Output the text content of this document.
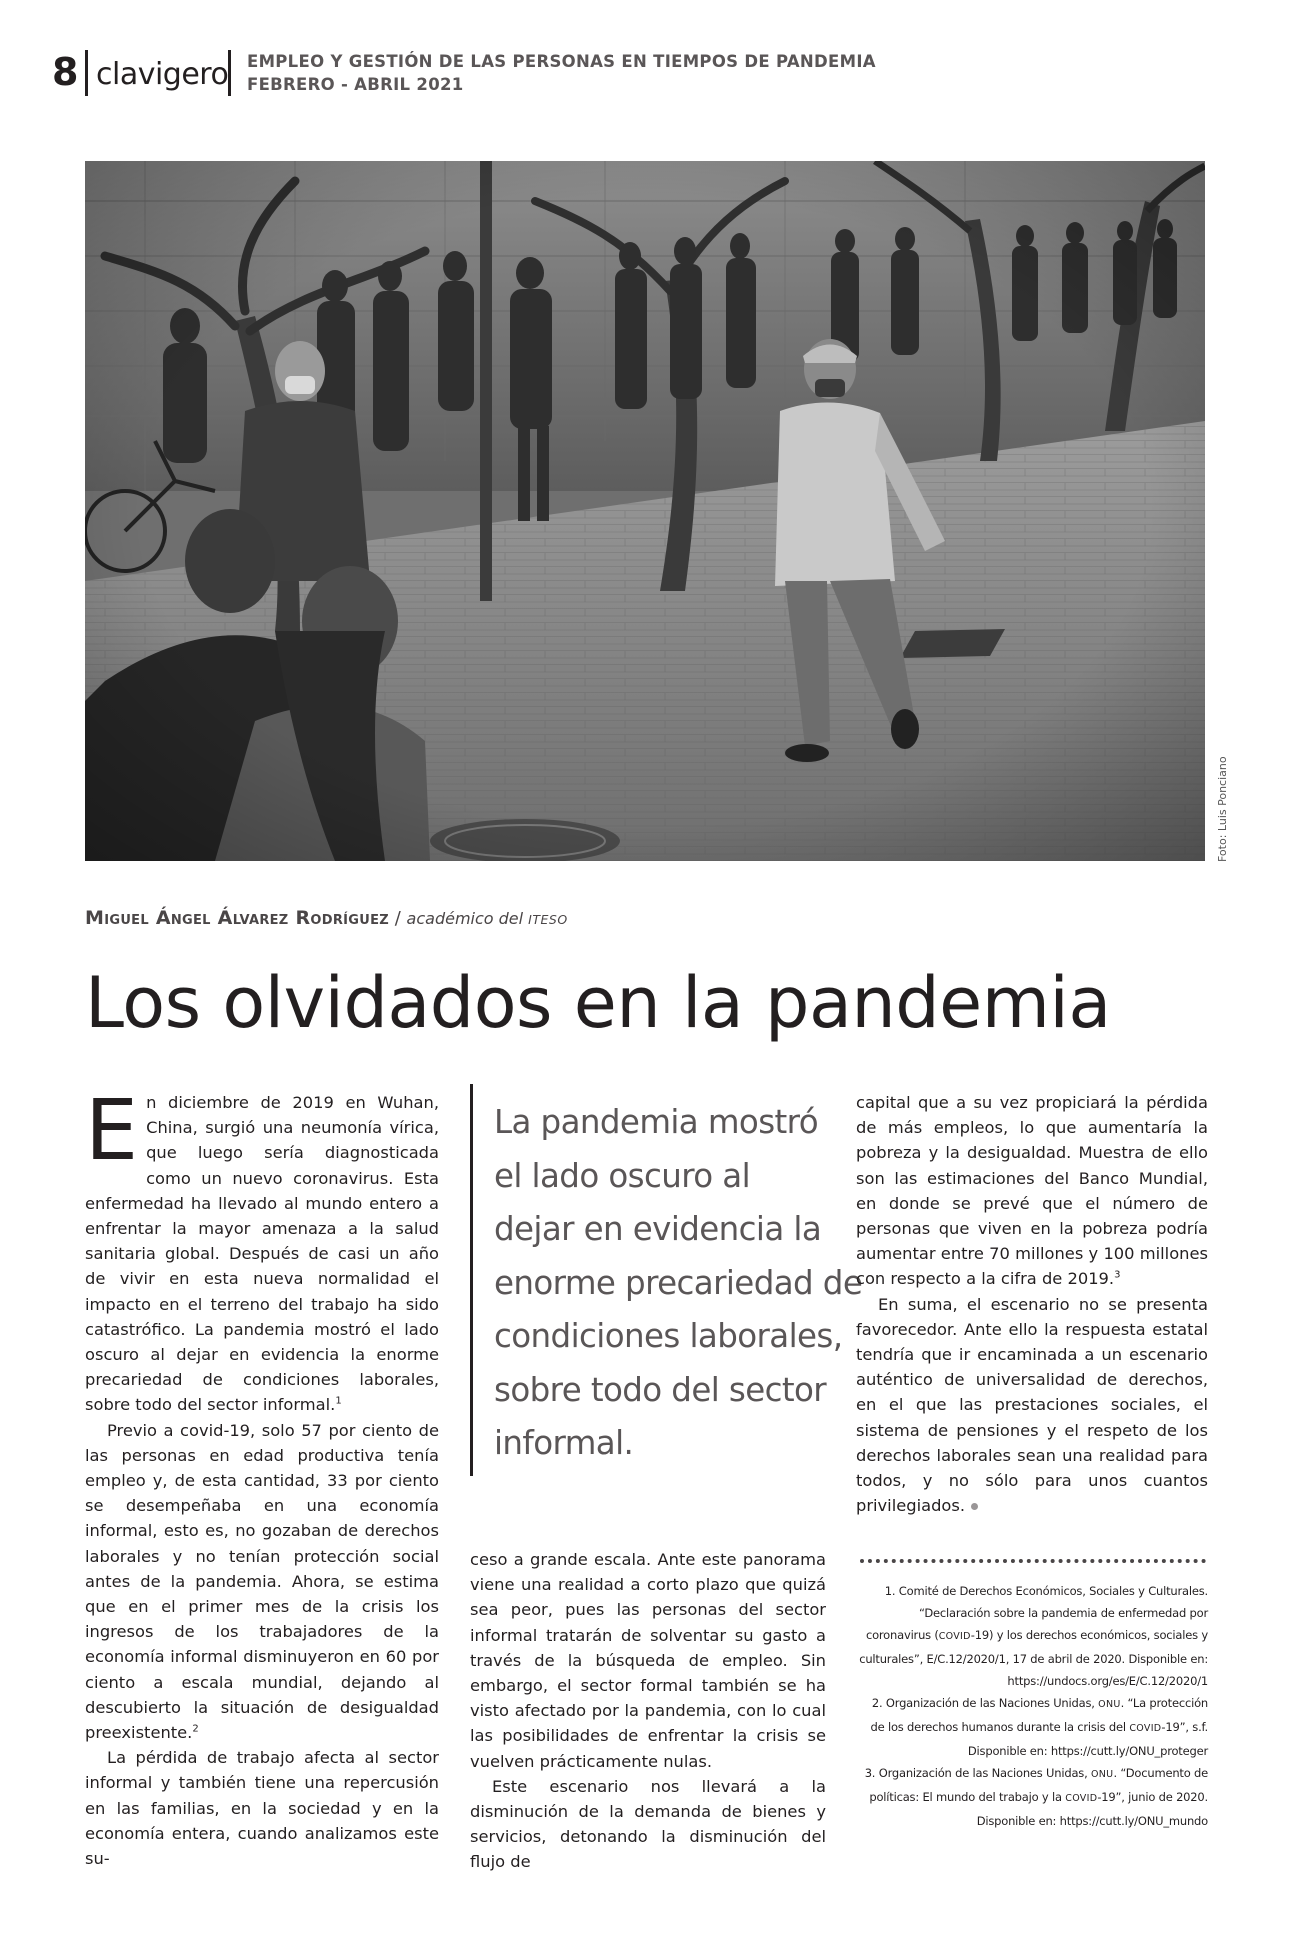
8 clavigero EMPLEO Y GESTIÓN DE LAS PERSONAS EN TIEMPOS DE PANDEMIA
FEBRERO - ABRIL 2021
Foto: Luis Ponciano
Miguel Ángel Álvarez Rodríguez / académico del ITESO
Los olvidados en la pandemia

En diciembre de 2019 en Wuhan, China, surgió una neumonía vírica, que luego sería diagnosticada como un nuevo coronavirus. Esta enfermedad ha llevado al mundo entero a enfrentar la mayor amenaza a la salud sanitaria global. Después de casi un año de vivir en esta nueva normalidad el impacto en el terreno del trabajo ha sido catastrófico. La pandemia mostró el lado oscuro al dejar en evidencia la enorme precariedad de condiciones laborales, sobre todo del sector informal.$^1$

Previo a covid-19, solo 57 por ciento de las personas en edad productiva tenía empleo y, de esta cantidad, 33 por ciento se desempeñaba en una economía informal, esto es, no gozaban de derechos laborales y no tenían protección social antes de la pandemia. Ahora, se estima que en el primer mes de la crisis los ingresos de los trabajadores de la economía informal disminuyeron en 60 por ciento a escala mundial, dejando al descubierto la situación de desigualdad preexistente.$^2$

La pérdida de trabajo afecta al sector informal y también tiene una repercusión en las familias, en la sociedad y en la economía entera, cuando analizamos este su-

La pandemia mostró
el lado oscuro al
dejar en evidencia la
enorme precariedad de
condiciones laborales,
sobre todo del sector
informal.

ceso a grande escala. Ante este panorama viene una realidad a corto plazo que quizá sea peor, pues las personas del sector informal tratarán de solventar su gasto a través de la búsqueda de empleo. Sin embargo, el sector formal también se ha visto afectado por la pandemia, con lo cual las posibilidades de enfrentar la crisis se vuelven prácticamente nulas.

Este escenario nos llevará a la disminución de la demanda de bienes y servicios, detonando la disminución del flujo de

capital que a su vez propiciará la pérdida de más empleos, lo que aumentaría la pobreza y la desigualdad. Muestra de ello son las estimaciones del Banco Mundial, en donde se prevé que el número de personas que viven en la pobreza podría aumentar entre 70 millones y 100 millones con respecto a la cifra de 2019.$^3$

En suma, el escenario no se presenta favorecedor. Ante ello la respuesta estatal tendría que ir encaminada a un escenario auténtico de universalidad de derechos, en el que las prestaciones sociales, el sistema de pensiones y el respeto de los derechos laborales sean una realidad para todos, y no sólo para unos cuantos privilegiados.

1. Comité de Derechos Económicos, Sociales y Culturales. “Declaración sobre la pandemia de enfermedad por coronavirus (COVID-19) y los derechos económicos, sociales y culturales”, E/C.12/2020/1, 17 de abril de 2020. Disponible en: https://undocs.org/es/E/C.12/2020/1

2. Organización de las Naciones Unidas, ONU. “La protección de los derechos humanos durante la crisis del COVID-19”, s.f. Disponible en: https://cutt.ly/ONU_proteger

3. Organización de las Naciones Unidas, ONU. “Documento de políticas: El mundo del trabajo y la COVID-19”, junio de 2020. Disponible en: https://cutt.ly/ONU_mundo
